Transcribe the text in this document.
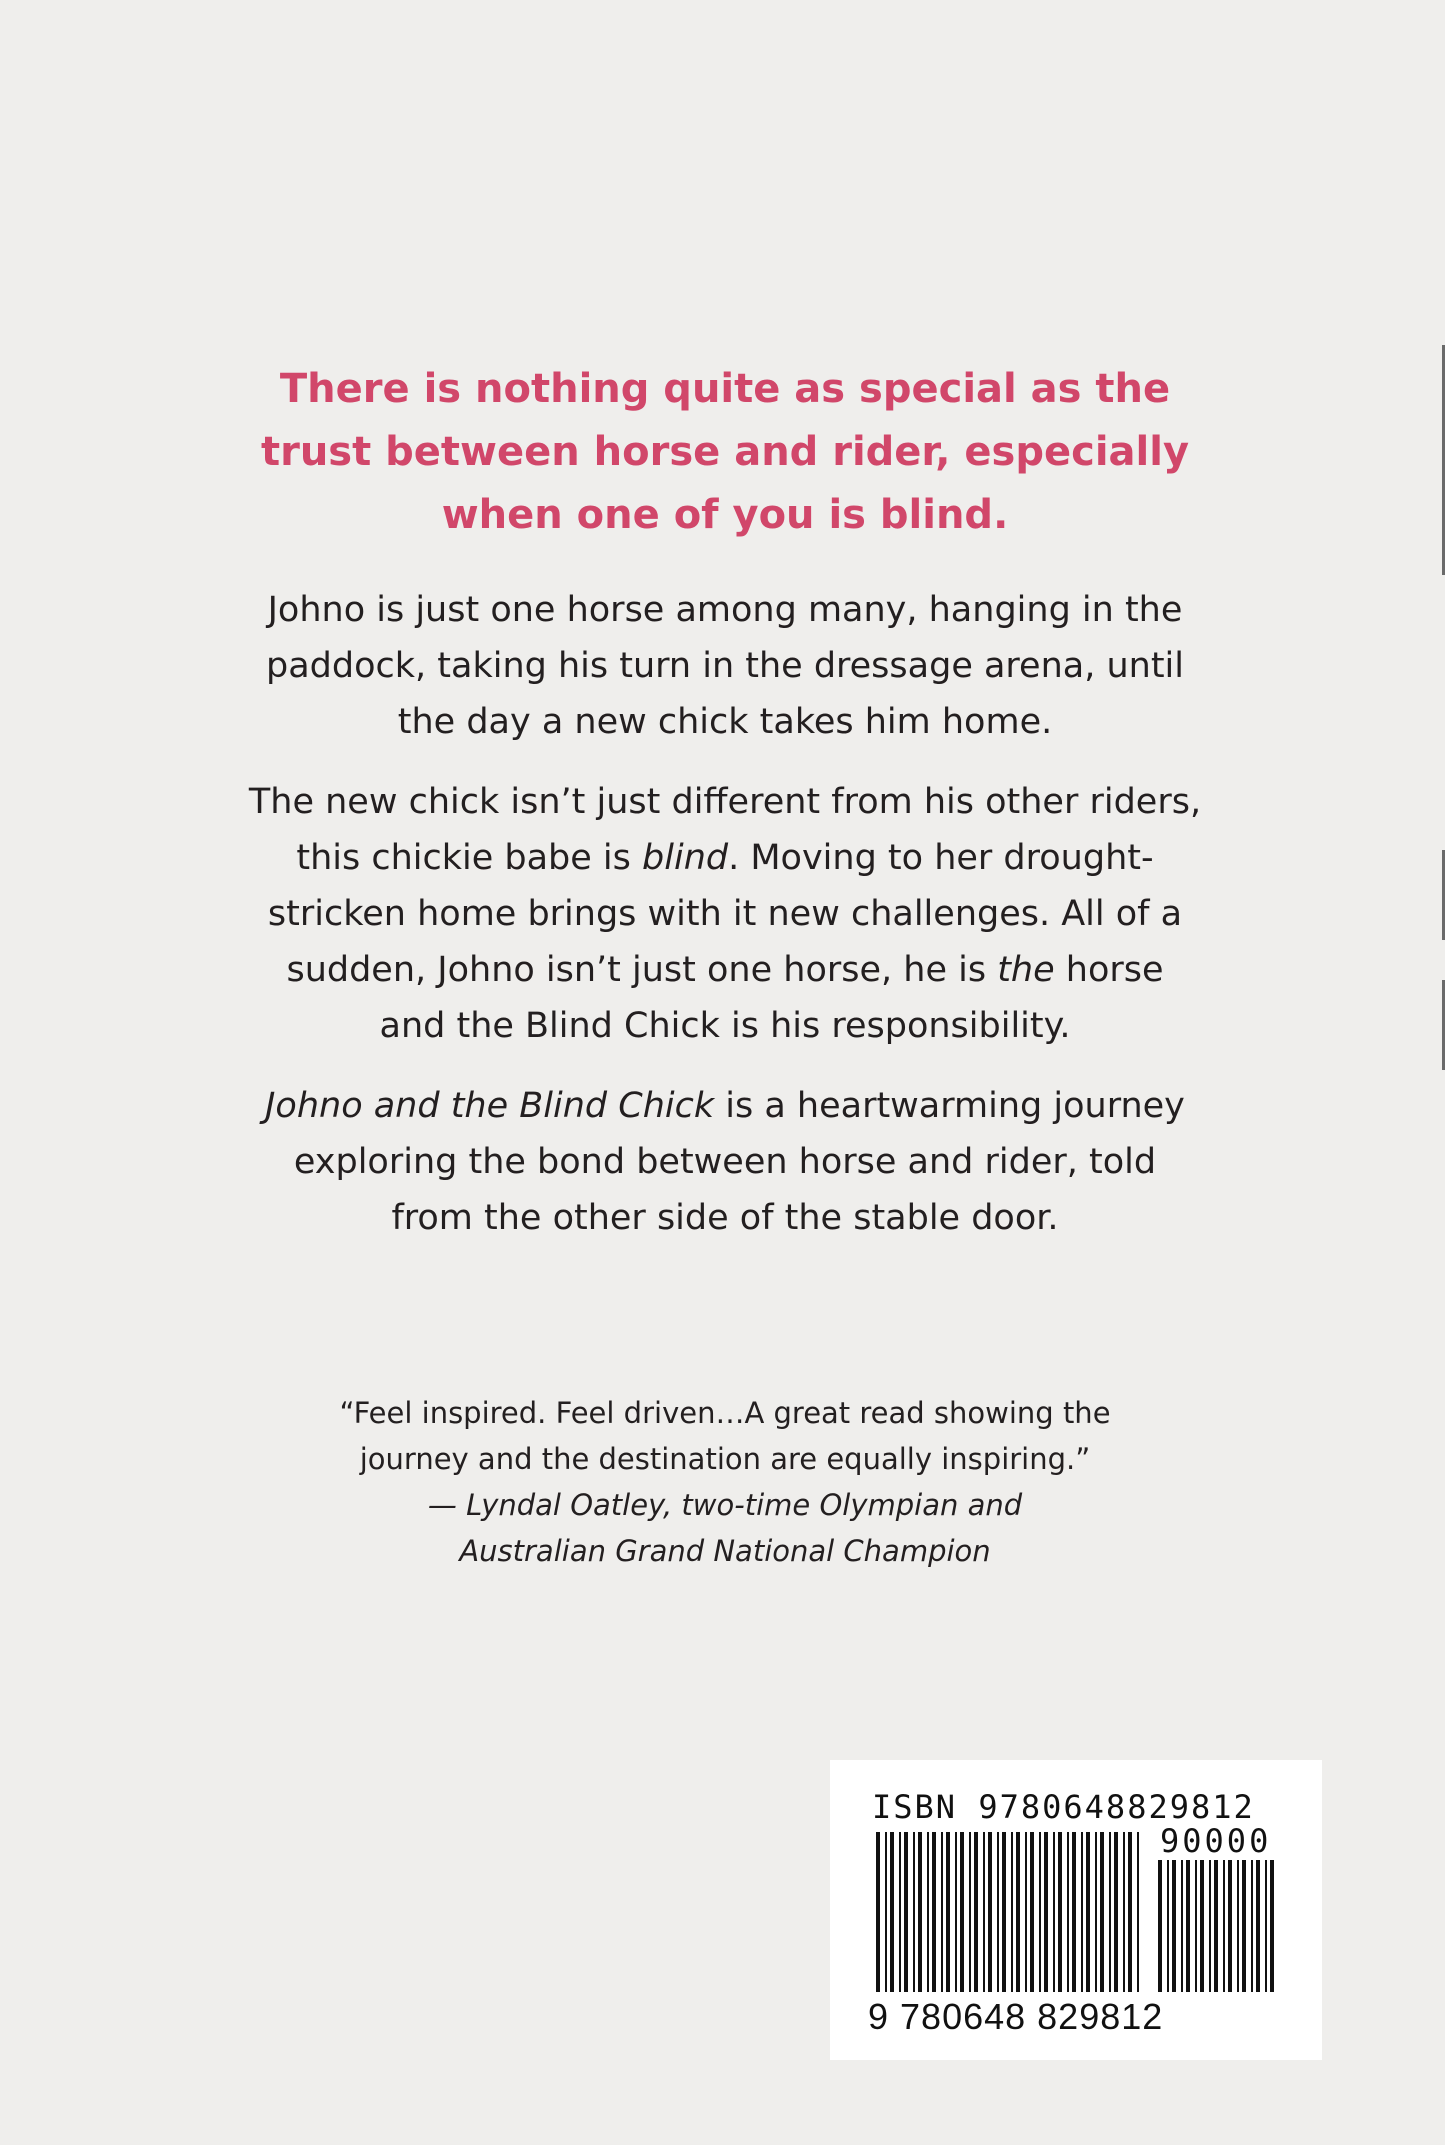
There is nothing quite as special as the
trust between horse and rider, especially
when one of you is blind.

Johno is just one horse among many, hanging in the
paddock, taking his turn in the dressage arena, until
the day a new chick takes him home.

The new chick isn’t just different from his other riders,
this chickie babe is blind. Moving to her drought-
stricken home brings with it new challenges. All of a
sudden, Johno isn’t just one horse, he is the horse
and the Blind Chick is his responsibility.

Johno and the Blind Chick is a heartwarming journey
exploring the bond between horse and rider, told
from the other side of the stable door.

“Feel inspired. Feel driven…A great read showing the
journey and the destination are equally inspiring.”
— Lyndal Oatley, two-time Olympian and
Australian Grand National Champion

ISBN 9780648829812
90000
9 780648 829812
